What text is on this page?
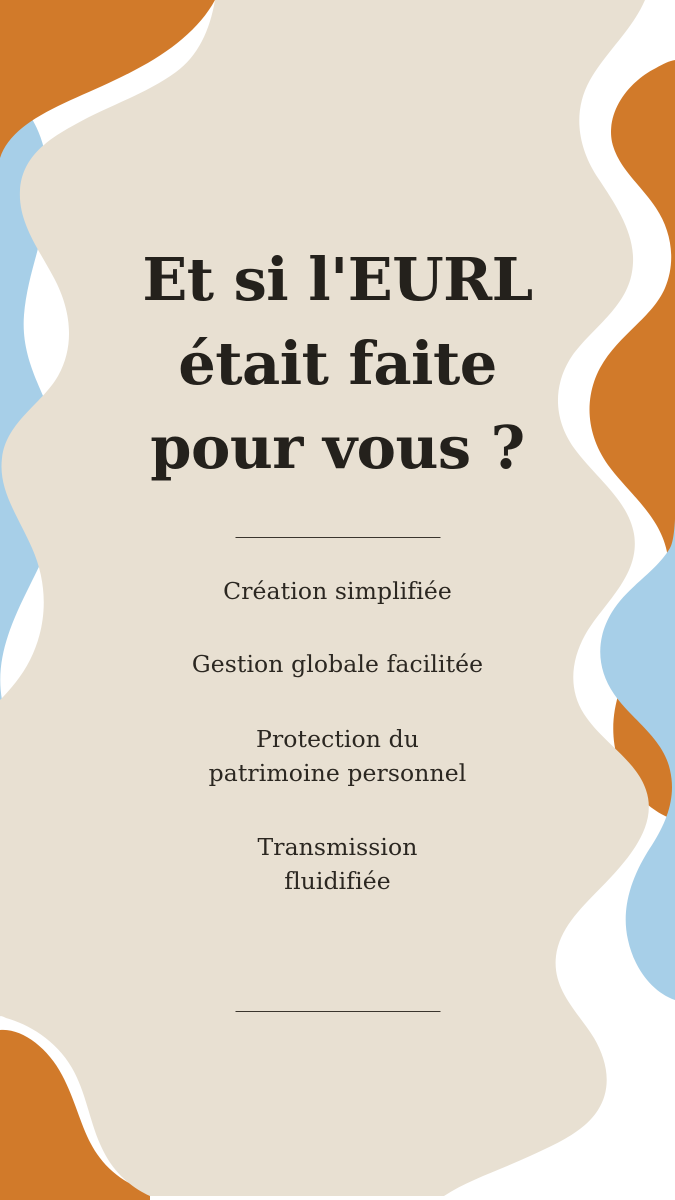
Et si l'EURL
était faite
pour vous ?
Création simplifiée
Gestion globale facilitée
Protection du
patrimoine personnel
Transmission
fluidifiée
